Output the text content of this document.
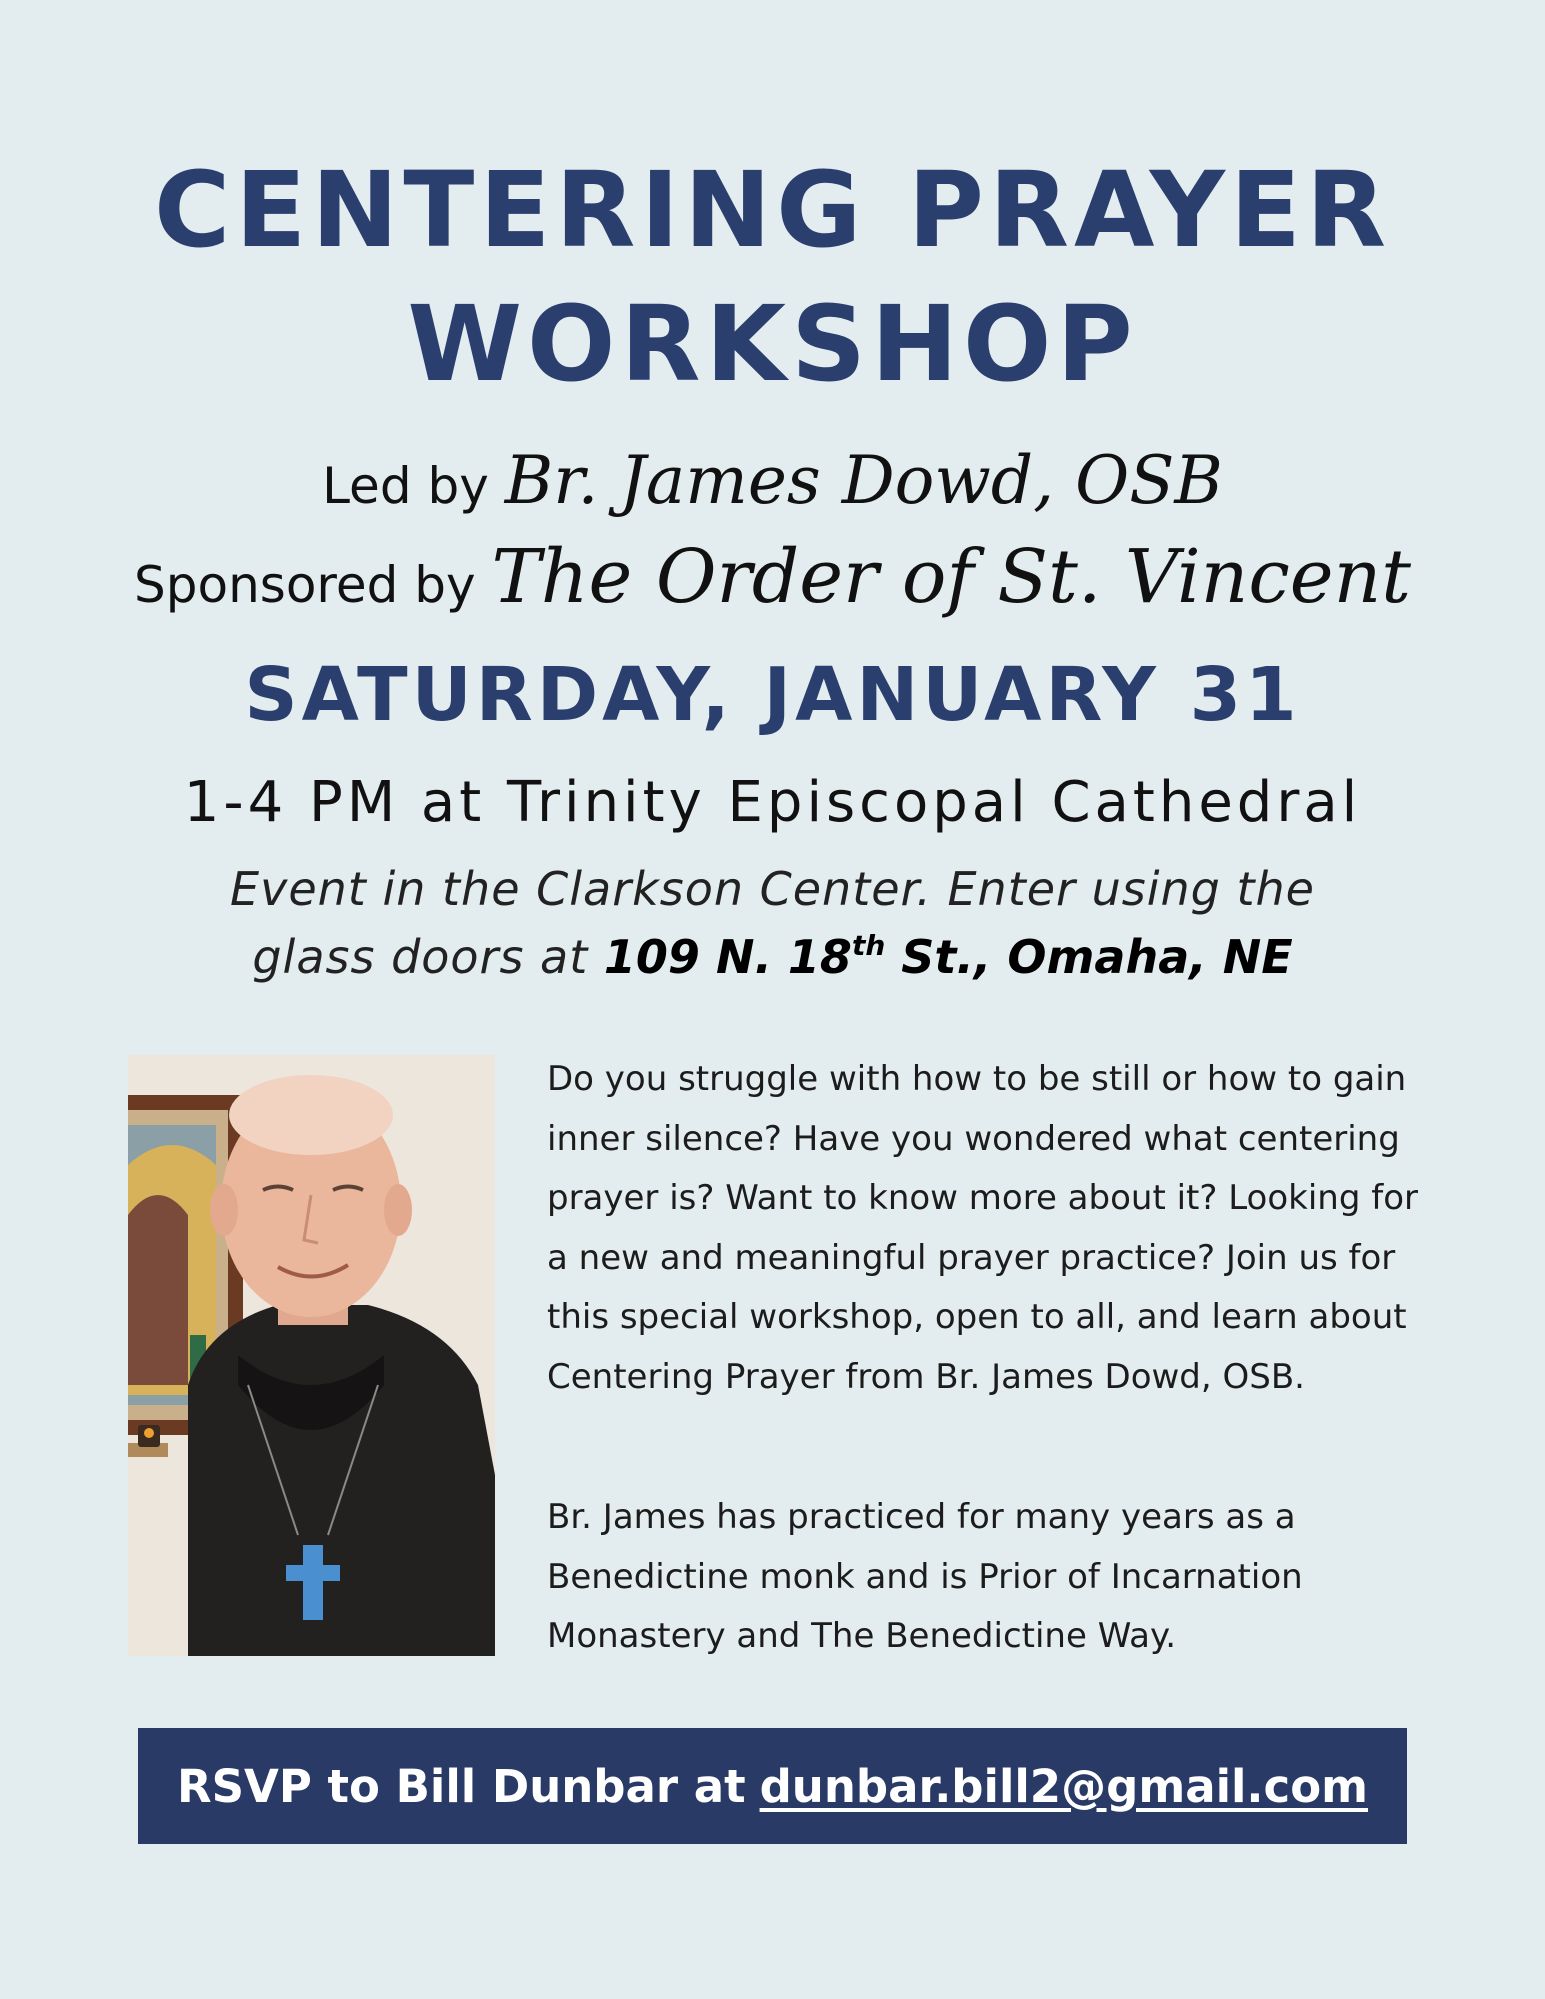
CENTERING PRAYER
WORKSHOP
Led by Br. James Dowd, OSB
Sponsored by The Order of St. Vincent
SATURDAY, JANUARY 31
1-4 PM at Trinity Episcopal Cathedral
Event in the Clarkson Center. Enter using the
glass doors at 109 N. 18th St., Omaha, NE
Do you struggle with how to be still or how to gain inner silence? Have you wondered what centering prayer is? Want to know more about it? Looking for a new and meaningful prayer practice? Join us for this special workshop, open to all, and learn about Centering Prayer from Br. James Dowd, OSB.
Br. James has practiced for many years as a Benedictine monk and is Prior of Incarnation Monastery and The Benedictine Way.
RSVP to Bill Dunbar at dunbar.bill2@gmail.com
